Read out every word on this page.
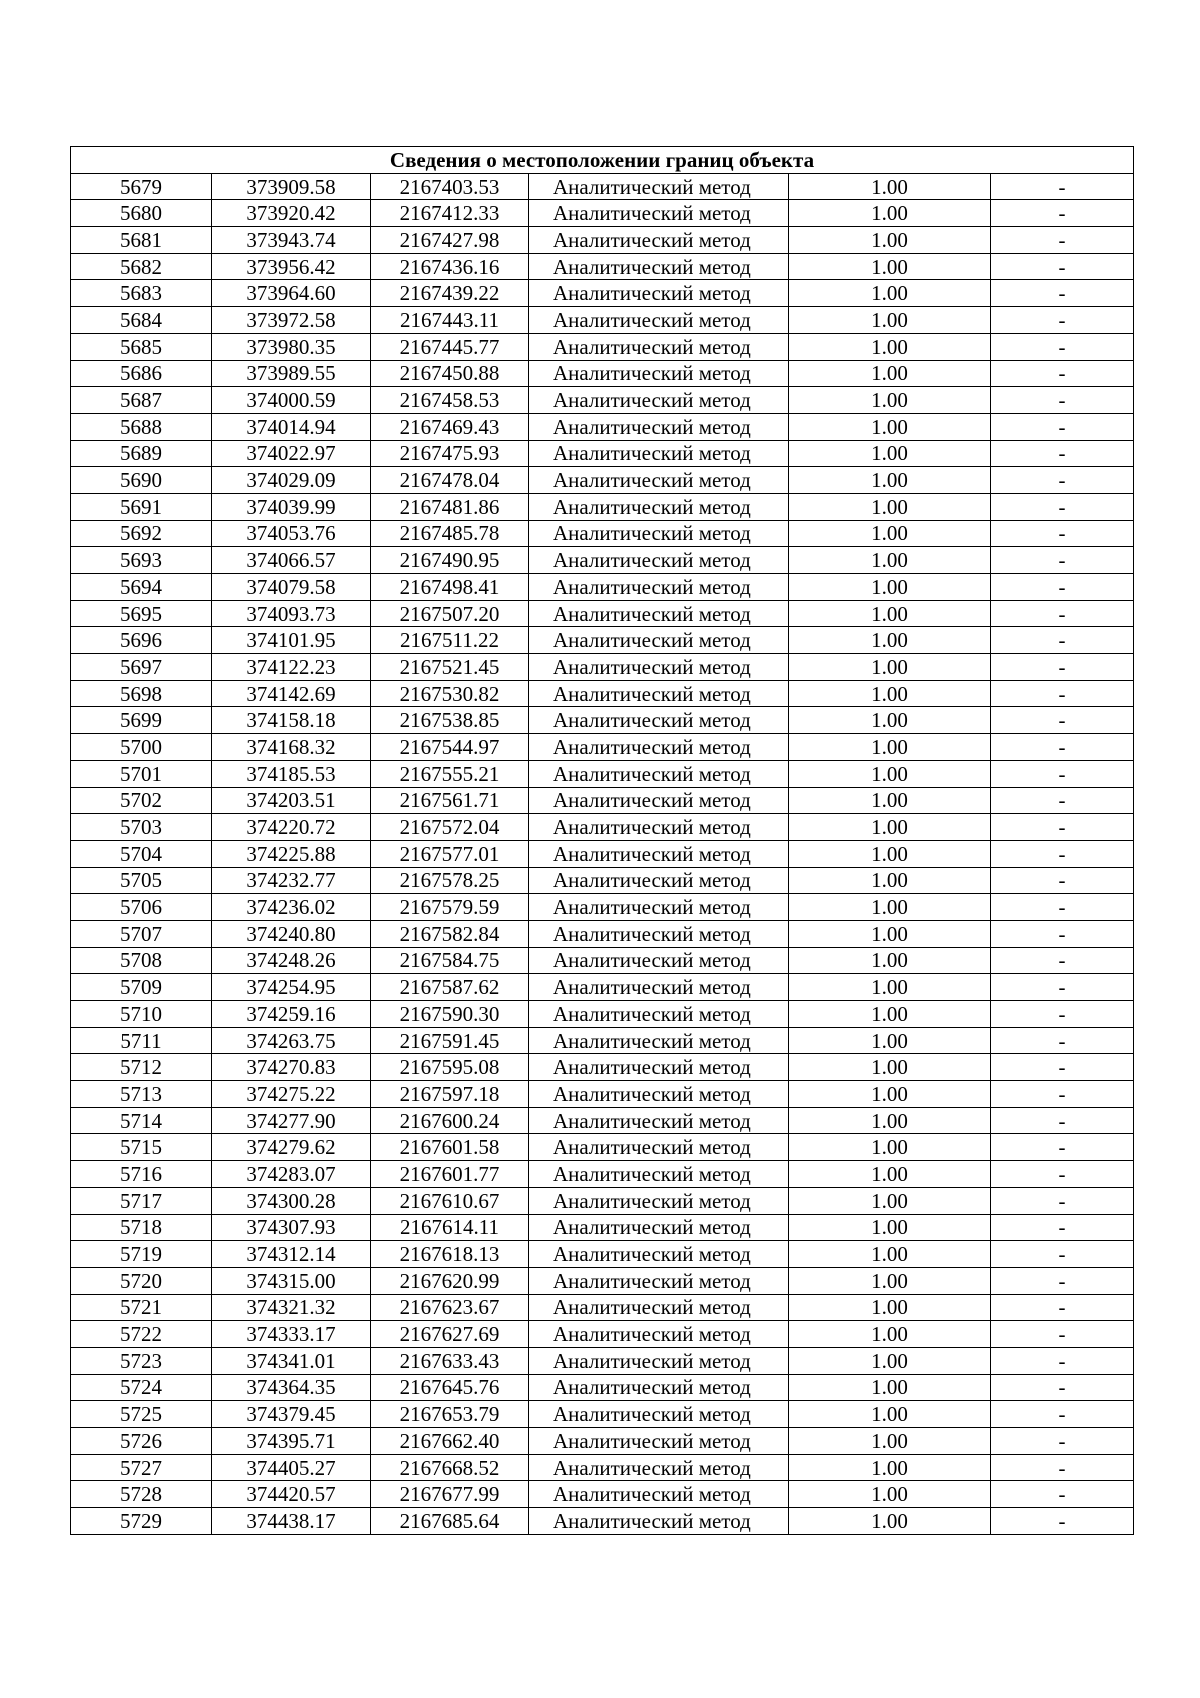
Сведения о местоположении границ объекта					
5679	373909.58	2167403.53	Аналитический метод	1.00	-
5680	373920.42	2167412.33	Аналитический метод	1.00	-
5681	373943.74	2167427.98	Аналитический метод	1.00	-
5682	373956.42	2167436.16	Аналитический метод	1.00	-
5683	373964.60	2167439.22	Аналитический метод	1.00	-
5684	373972.58	2167443.11	Аналитический метод	1.00	-
5685	373980.35	2167445.77	Аналитический метод	1.00	-
5686	373989.55	2167450.88	Аналитический метод	1.00	-
5687	374000.59	2167458.53	Аналитический метод	1.00	-
5688	374014.94	2167469.43	Аналитический метод	1.00	-
5689	374022.97	2167475.93	Аналитический метод	1.00	-
5690	374029.09	2167478.04	Аналитический метод	1.00	-
5691	374039.99	2167481.86	Аналитический метод	1.00	-
5692	374053.76	2167485.78	Аналитический метод	1.00	-
5693	374066.57	2167490.95	Аналитический метод	1.00	-
5694	374079.58	2167498.41	Аналитический метод	1.00	-
5695	374093.73	2167507.20	Аналитический метод	1.00	-
5696	374101.95	2167511.22	Аналитический метод	1.00	-
5697	374122.23	2167521.45	Аналитический метод	1.00	-
5698	374142.69	2167530.82	Аналитический метод	1.00	-
5699	374158.18	2167538.85	Аналитический метод	1.00	-
5700	374168.32	2167544.97	Аналитический метод	1.00	-
5701	374185.53	2167555.21	Аналитический метод	1.00	-
5702	374203.51	2167561.71	Аналитический метод	1.00	-
5703	374220.72	2167572.04	Аналитический метод	1.00	-
5704	374225.88	2167577.01	Аналитический метод	1.00	-
5705	374232.77	2167578.25	Аналитический метод	1.00	-
5706	374236.02	2167579.59	Аналитический метод	1.00	-
5707	374240.80	2167582.84	Аналитический метод	1.00	-
5708	374248.26	2167584.75	Аналитический метод	1.00	-
5709	374254.95	2167587.62	Аналитический метод	1.00	-
5710	374259.16	2167590.30	Аналитический метод	1.00	-
5711	374263.75	2167591.45	Аналитический метод	1.00	-
5712	374270.83	2167595.08	Аналитический метод	1.00	-
5713	374275.22	2167597.18	Аналитический метод	1.00	-
5714	374277.90	2167600.24	Аналитический метод	1.00	-
5715	374279.62	2167601.58	Аналитический метод	1.00	-
5716	374283.07	2167601.77	Аналитический метод	1.00	-
5717	374300.28	2167610.67	Аналитический метод	1.00	-
5718	374307.93	2167614.11	Аналитический метод	1.00	-
5719	374312.14	2167618.13	Аналитический метод	1.00	-
5720	374315.00	2167620.99	Аналитический метод	1.00	-
5721	374321.32	2167623.67	Аналитический метод	1.00	-
5722	374333.17	2167627.69	Аналитический метод	1.00	-
5723	374341.01	2167633.43	Аналитический метод	1.00	-
5724	374364.35	2167645.76	Аналитический метод	1.00	-
5725	374379.45	2167653.79	Аналитический метод	1.00	-
5726	374395.71	2167662.40	Аналитический метод	1.00	-
5727	374405.27	2167668.52	Аналитический метод	1.00	-
5728	374420.57	2167677.99	Аналитический метод	1.00	-
5729	374438.17	2167685.64	Аналитический метод	1.00	-
